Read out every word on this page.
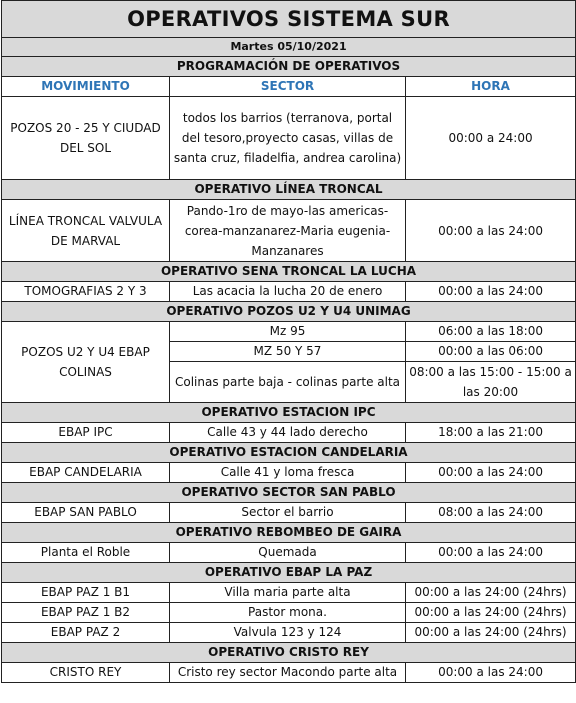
OPERATIVOS SISTEMA SUR		
Martes 05/10/2021		
PROGRAMACIÓN DE OPERATIVOS		
MOVIMIENTO	SECTOR	HORA
POZOS 20 - 25 Y CIUDAD DEL SOL	todos los barrios (terranova, portal del tesoro,proyecto casas, villas de santa cruz, filadelfia, andrea carolina)	00:00 a 24:00
OPERATIVO LÍNEA TRONCAL		
LÍNEA TRONCAL VALVULA DE MARVAL	Pando-1ro de mayo-las americas-corea-manzanarez-Maria eugenia-Manzanares	00:00 a las 24:00
OPERATIVO SENA TRONCAL LA LUCHA		
TOMOGRAFIAS 2 Y 3	Las acacia la lucha 20 de enero	00:00 a las 24:00
OPERATIVO POZOS U2 Y U4 UNIMAG		
POZOS U2 Y U4 EBAP COLINAS	Mz 95	06:00 a las 18:00
	MZ 50 Y 57	00:00 a las 06:00
	Colinas parte baja - colinas parte alta	08:00 a las 15:00 - 15:00 a las 20:00
OPERATIVO ESTACION IPC		
EBAP IPC	Calle 43 y 44 lado derecho	18:00 a las 21:00
OPERATIVO ESTACION CANDELARIA		
EBAP CANDELARIA	Calle 41 y loma fresca	00:00 a las 24:00
OPERATIVO SECTOR SAN PABLO		
EBAP SAN PABLO	Sector el barrio	08:00 a las 24:00
OPERATIVO REBOMBEO DE GAIRA		
Planta el Roble	Quemada	00:00 a las 24:00
OPERATIVO EBAP LA PAZ		
EBAP PAZ 1 B1	Villa maria parte alta	00:00 a las 24:00 (24hrs)
EBAP PAZ 1 B2	Pastor mona.	00:00 a las 24:00 (24hrs)
EBAP PAZ 2	Valvula 123 y 124	00:00 a las 24:00 (24hrs)
OPERATIVO CRISTO REY		
CRISTO REY	Cristo rey sector Macondo parte alta	00:00 a las 24:00
